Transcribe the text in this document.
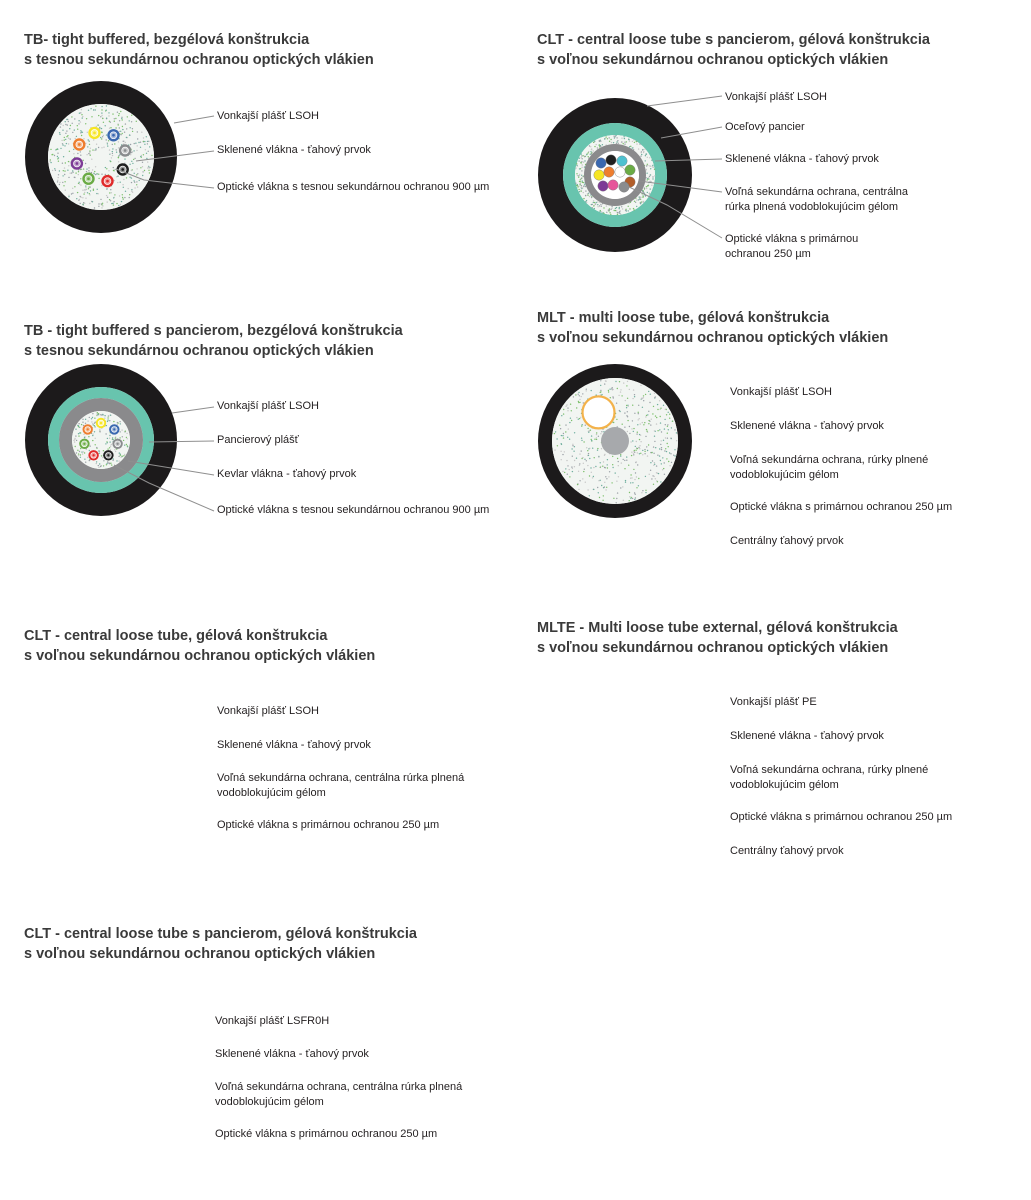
TB- tight buffered, bezgélová konštrukcia
s tesnou sekundárnou ochranou optických vlákien
Vonkajší plášť LSOH
Sklenené vlákna - ťahový prvok
Optické vlákna s tesnou sekundárnou ochranou 900 µm
CLT - central loose tube s pancierom, gélová konštrukcia
s voľnou sekundárnou ochranou optických vlákien
Vonkajší plášť LSOH
Oceľový pancier
Sklenené vlákna - ťahový prvok
Voľná sekundárna ochrana, centrálna
rúrka plnená vodoblokujúcim gélom
Optické vlákna s primárnou
ochranou 250 µm
TB - tight buffered s pancierom, bezgélová konštrukcia
s tesnou sekundárnou ochranou optických vlákien
Vonkajší plášť LSOH
Pancierový plášť
Kevlar vlákna - ťahový prvok
Optické vlákna s tesnou sekundárnou ochranou 900 µm
MLT - multi loose tube, gélová konštrukcia
s voľnou sekundárnou ochranou optických vlákien
Vonkajší plášť LSOH
Sklenené vlákna - ťahový prvok
Voľná sekundárna ochrana, rúrky plnené
vodoblokujúcim gélom
Optické vlákna s primárnou ochranou 250 µm
Centrálny ťahový prvok
CLT - central loose tube, gélová konštrukcia
s voľnou sekundárnou ochranou optických vlákien
Vonkajší plášť LSOH
Sklenené vlákna - ťahový prvok
Voľná sekundárna ochrana, centrálna rúrka plnená
vodoblokujúcim gélom
Optické vlákna s primárnou ochranou 250 µm
MLTE - Multi loose tube external, gélová konštrukcia
s voľnou sekundárnou ochranou optických vlákien
Vonkajší plášť PE
Sklenené vlákna - ťahový prvok
Voľná sekundárna ochrana, rúrky plnené
vodoblokujúcim gélom
Optické vlákna s primárnou ochranou 250 µm
Centrálny ťahový prvok
CLT - central loose tube s pancierom, gélová konštrukcia
s voľnou sekundárnou ochranou optických vlákien
Vonkajší plášť LSFR0H
Sklenené vlákna - ťahový prvok
Voľná sekundárna ochrana, centrálna rúrka plnená
vodoblokujúcim gélom
Optické vlákna s primárnou ochranou 250 µm
